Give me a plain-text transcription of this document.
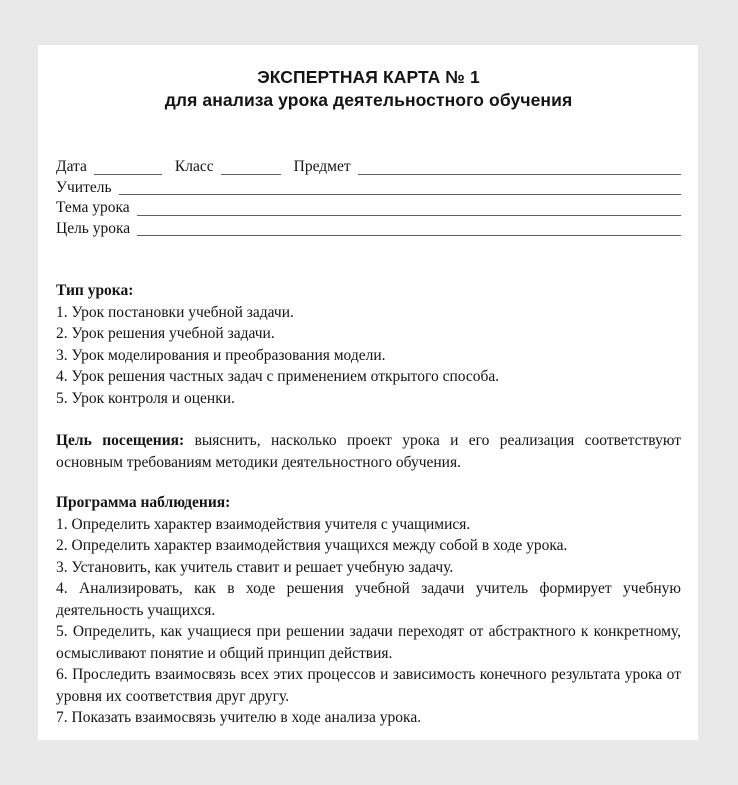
ЭКСПЕРТНАЯ КАРТА № 1
для анализа урока деятельностного обучения
Дата	Класс	Предмет
Учитель
Тема урока
Цель урока
Тип урока:
1. Урок постановки учебной задачи.
2. Урок решения учебной задачи.
3. Урок моделирования и преобразования модели.
4. Урок решения частных задач с применением открытого способа.
5. Урок контроля и оценки.

Цель посещения: выяснить, насколько проект урока и его реализация соответствуют основным требованиям методики деятельностного обучения.

Программа наблюдения:
1. Определить характер взаимодействия учителя с учащимися.
2. Определить характер взаимодействия учащихся между собой в ходе урока.
3. Установить, как учитель ставит и решает учебную задачу.
4. Анализировать, как в ходе решения учебной задачи учитель формирует учебную деятельность учащихся.
5. Определить, как учащиеся при решении задачи переходят от абстрактного к конкретному, осмысливают понятие и общий принцип действия.
6. Проследить взаимосвязь всех этих процессов и зависимость конечного результата урока от уровня их соответствия друг другу.
7. Показать взаимосвязь учителю в ходе анализа урока.
